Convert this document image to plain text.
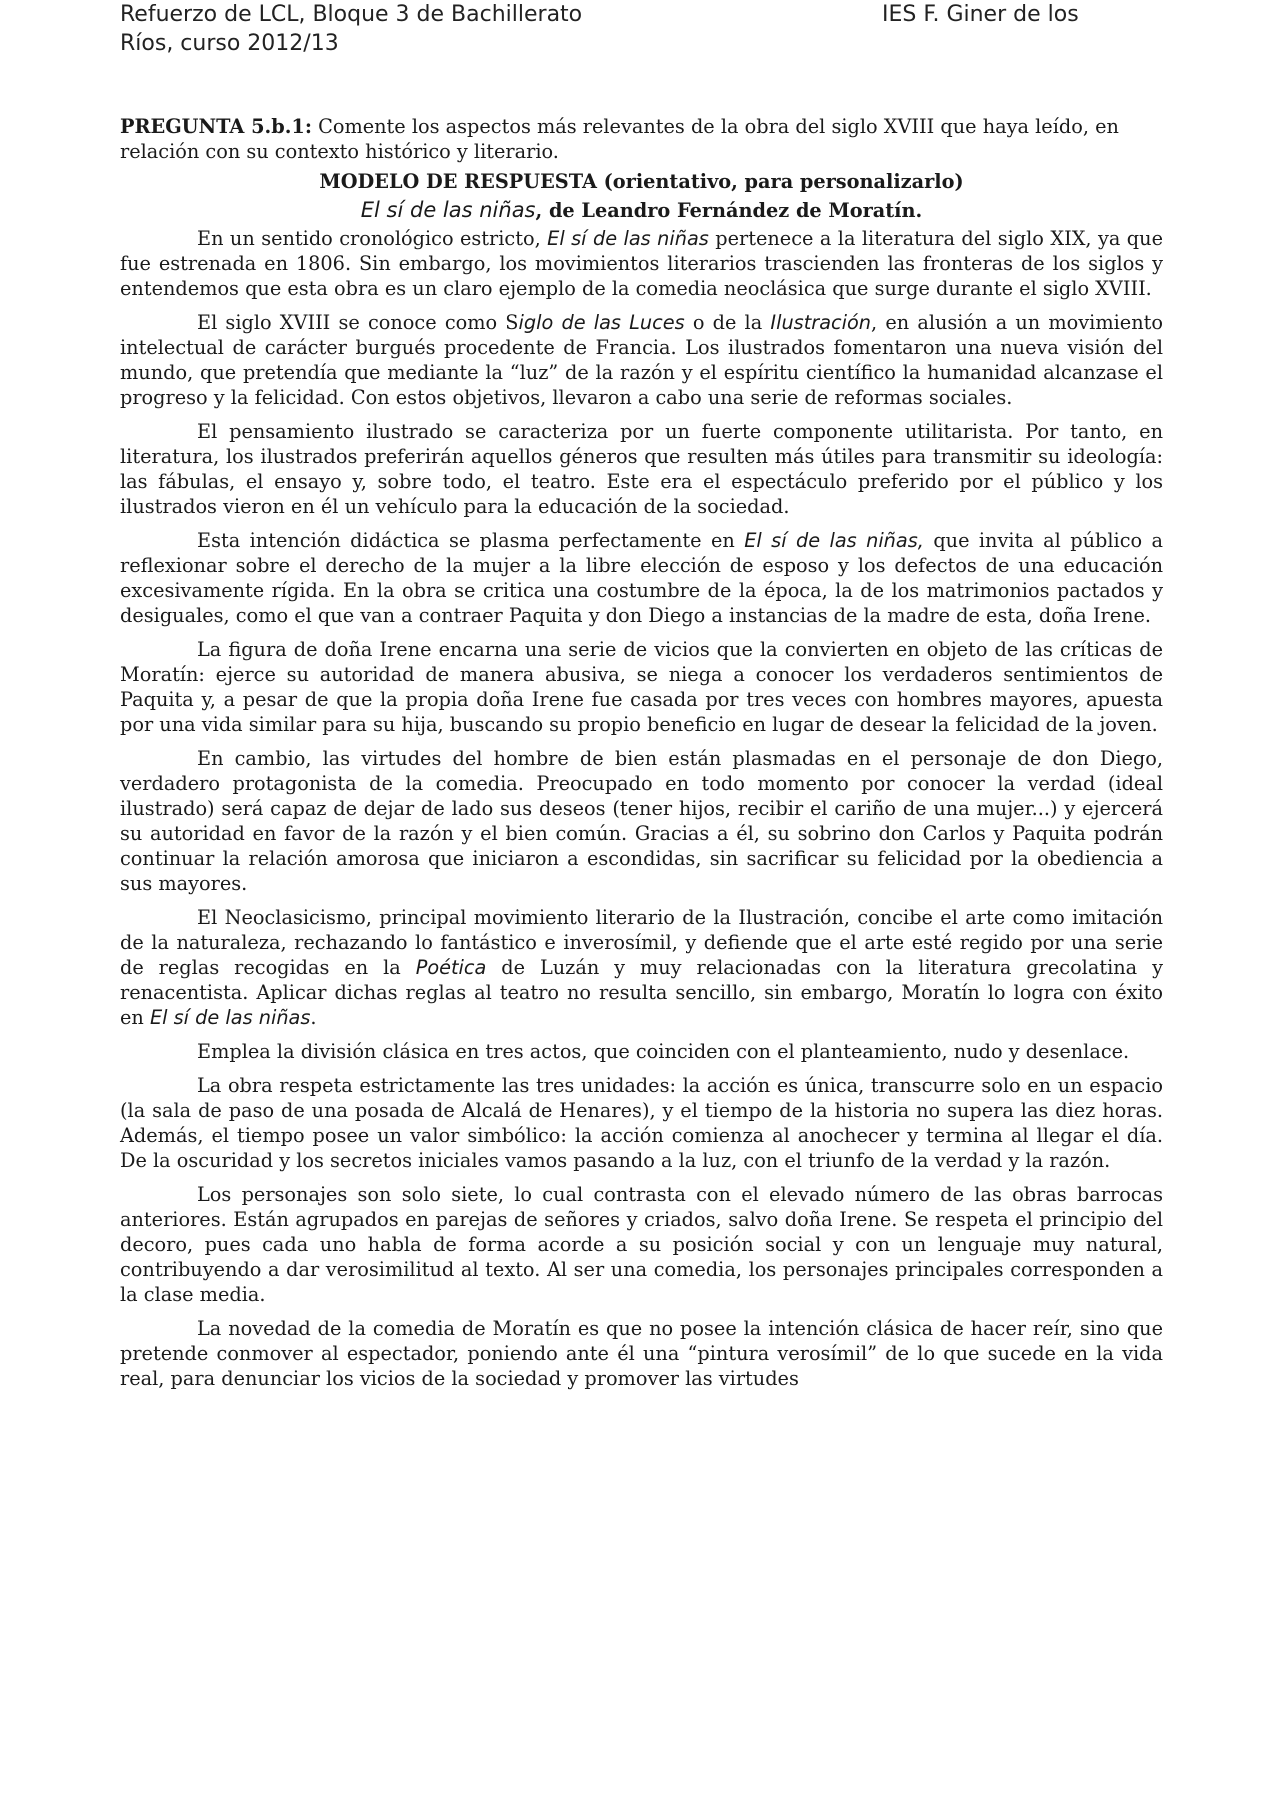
Refuerzo de LCL, Bloque 3 de Bachillerato	IES F. Giner de los
Ríos, curso 2012/13

PREGUNTA 5.b.1: Comente los aspectos más relevantes de la obra del siglo XVIII que haya leído, en relación con su contexto histórico y literario.

MODELO DE RESPUESTA (orientativo, para personalizarlo)
El sí de las niñas, de Leandro Fernández de Moratín.

En un sentido cronológico estricto, El sí de las niñas pertenece a la literatura del siglo XIX, ya que fue estrenada en 1806. Sin embargo, los movimientos literarios trascienden las fronteras de los siglos y entendemos que esta obra es un claro ejemplo de la comedia neoclásica que surge durante el siglo XVIII.

El siglo XVIII se conoce como Siglo de las Luces o de la Ilustración, en alusión a un movimiento intelectual de carácter burgués procedente de Francia. Los ilustrados fomentaron una nueva visión del mundo, que pretendía que mediante la “luz” de la razón y el espíritu científico la humanidad alcanzase el progreso y la felicidad. Con estos objetivos, llevaron a cabo una serie de reformas sociales.

El pensamiento ilustrado se caracteriza por un fuerte componente utilitarista. Por tanto, en literatura, los ilustrados preferirán aquellos géneros que resulten más útiles para transmitir su ideología: las fábulas, el ensayo y, sobre todo, el teatro. Este era el espectáculo preferido por el público y los ilustrados vieron en él un vehículo para la educación de la sociedad.

Esta intención didáctica se plasma perfectamente en El sí de las niñas, que invita al público a reflexionar sobre el derecho de la mujer a la libre elección de esposo y los defectos de una educación excesivamente rígida. En la obra se critica una costumbre de la época, la de los matrimonios pactados y desiguales, como el que van a contraer Paquita y don Diego a instancias de la madre de esta, doña Irene.

La figura de doña Irene encarna una serie de vicios que la convierten en objeto de las críticas de Moratín: ejerce su autoridad de manera abusiva, se niega a conocer los verdaderos sentimientos de Paquita y, a pesar de que la propia doña Irene fue casada por tres veces con hombres mayores, apuesta por una vida similar para su hija, buscando su propio beneficio en lugar de desear la felicidad de la joven.

En cambio, las virtudes del hombre de bien están plasmadas en el personaje de don Diego, verdadero protagonista de la comedia. Preocupado en todo momento por conocer la verdad (ideal ilustrado) será capaz de dejar de lado sus deseos (tener hijos, recibir el cariño de una mujer...) y ejercerá su autoridad en favor de la razón y el bien común. Gracias a él, su sobrino don Carlos y Paquita podrán continuar la relación amorosa que iniciaron a escondidas, sin sacrificar su felicidad por la obediencia a sus mayores.

El Neoclasicismo, principal movimiento literario de la Ilustración, concibe el arte como imitación de la naturaleza, rechazando lo fantástico e inverosímil, y defiende que el arte esté regido por una serie de reglas recogidas en la Poética de Luzán y muy relacionadas con la literatura grecolatina y renacentista. Aplicar dichas reglas al teatro no resulta sencillo, sin embargo, Moratín lo logra con éxito en El sí de las niñas.

Emplea la división clásica en tres actos, que coinciden con el planteamiento, nudo y desenlace.

La obra respeta estrictamente las tres unidades: la acción es única, transcurre solo en un espacio (la sala de paso de una posada de Alcalá de Henares), y el tiempo de la historia no supera las diez horas. Además, el tiempo posee un valor simbólico: la acción comienza al anochecer y termina al llegar el día. De la oscuridad y los secretos iniciales vamos pasando a la luz, con el triunfo de la verdad y la razón.

Los personajes son solo siete, lo cual contrasta con el elevado número de las obras barrocas anteriores. Están agrupados en parejas de señores y criados, salvo doña Irene. Se respeta el principio del decoro, pues cada uno habla de forma acorde a su posición social y con un lenguaje muy natural, contribuyendo a dar verosimilitud al texto. Al ser una comedia, los personajes principales corresponden a la clase media.

La novedad de la comedia de Moratín es que no posee la intención clásica de hacer reír, sino que pretende conmover al espectador, poniendo ante él una “pintura verosímil” de lo que sucede en la vida real, para denunciar los vicios de la sociedad y promover las virtudes
